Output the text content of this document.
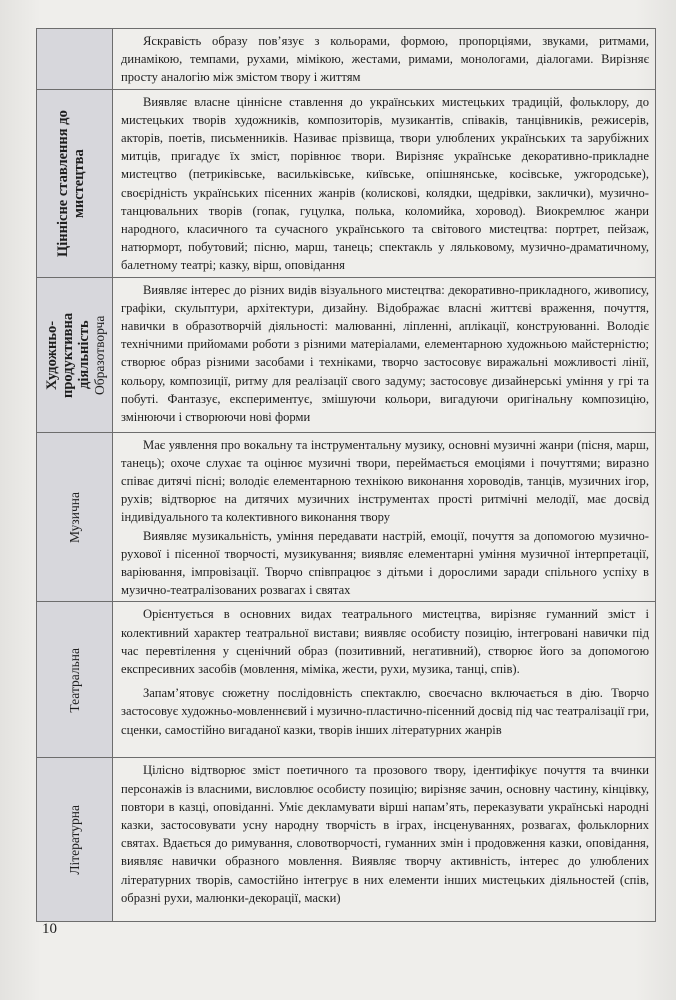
	Яскравість образу пов’язує з кольорами, формою, пропорціями, звуками, ритмами, динамікою, темпами, рухами, мімікою, жестами, римами, монологами, діалогами. Вирізняє просту аналогію між змістом твору і життям

Ціннісне ставлення до мистецтва	Виявляє власне ціннісне ставлення до українських мистецьких традицій, фольклору, до мистецьких творів художників, композиторів, музикантів, співаків, танцівників, режисерів, акторів, поетів, письменників. Називає прізвища, твори улюблених українських та зарубіжних митців, пригадує їх зміст, порівнює твори. Вирізняє українське декоративно-прикладне мистецтво (петриківське, васильківське, київське, опішнянське, косівське, ужгородське), своєрідність українських пісенних жанрів (колискові, колядки, щедрівки, заклички), музично-танцювальних творів (гопак, гуцулка, полька, коломийка, хоровод). Виокремлює жанри народного, класичного та сучасного українського та світового мистецтва: портрет, пейзаж, натюрморт, побутовий; пісню, марш, танець; спектакль у ляльковому, музично-драматичному, балетному театрі; казку, вірш, оповідання

Художньо-продуктивна діяльність
Образотворча	Виявляє інтерес до різних видів візуального мистецтва: декоративно-прикладного, живопису, графіки, скульптури, архітектури, дизайну. Відображає власні життєві враження, почуття, навички в образотворчій діяльності: малюванні, ліпленні, аплікації, конструюванні. Володіє технічними прийомами роботи з різними матеріалами, елементарною художньою майстерністю; створює образ різними засобами і техніками, творчо застосовує виражальні можливості лінії, кольору, композиції, ритму для реалізації свого задуму; застосовує дизайнерські уміння у грі та побуті. Фантазує, експериментує, змішуючи кольори, вигадуючи оригінальну композицію, змінюючи і створюючи нові форми

Музична	Має уявлення про вокальну та інструментальну музику, основні музичні жанри (пісня, марш, танець); охоче слухає та оцінює музичні твори, переймається емоціями і почуттями; виразно співає дитячі пісні; володіє елементарною технікою виконання хороводів, танців, музичних ігор, рухів; відтворює на дитячих музичних інструментах прості ритмічні мелодії, має досвід індивідуального та колективного виконання твору

Виявляє музикальність, уміння передавати настрій, емоції, почуття за допомогою музично-рухової і пісенної творчості, музикування; виявляє елементарні уміння музичної інтерпретації, варіювання, імпровізації. Творчо співпрацює з дітьми і дорослими заради спільного успіху в музично-театралізованих розвагах і святах

Театральна	Орієнтується в основних видах театрального мистецтва, вирізняє гуманний зміст і колективний характер театральної вистави; виявляє особисту позицію, інтегровані навички під час перевтілення у сценічний образ (позитивний, негативний), створює його за допомогою експресивних засобів (мовлення, міміка, жести, рухи, музика, танці, спів).

Запам’ятовує сюжетну послідовність спектаклю, своєчасно включається в дію. Творчо застосовує художньо-мовленнєвий і музично-пластично-пісенний досвід під час театралізації гри, сценки, самостійно вигаданої казки, творів інших літературних жанрів

Літературна	Цілісно відтворює зміст поетичного та прозового твору, ідентифікує почуття та вчинки персонажів із власними, висловлює особисту позицію; вирізняє зачин, основну частину, кінцівку, повтори в казці, оповіданні. Уміє декламувати вірші напам’ять, переказувати українські народні казки, застосовувати усну народну творчість в іграх, інсценуваннях, розвагах, фольклорних святах. Вдається до римування, словотворчості, гуманних змін і продовження казки, оповідання, виявляє навички образного мовлення. Виявляє творчу активність, інтерес до улюблених літературних творів, самостійно інтегрує в них елементи інших мистецьких діяльностей (спів, образні рухи, малюнки-декорації, маски)

10
